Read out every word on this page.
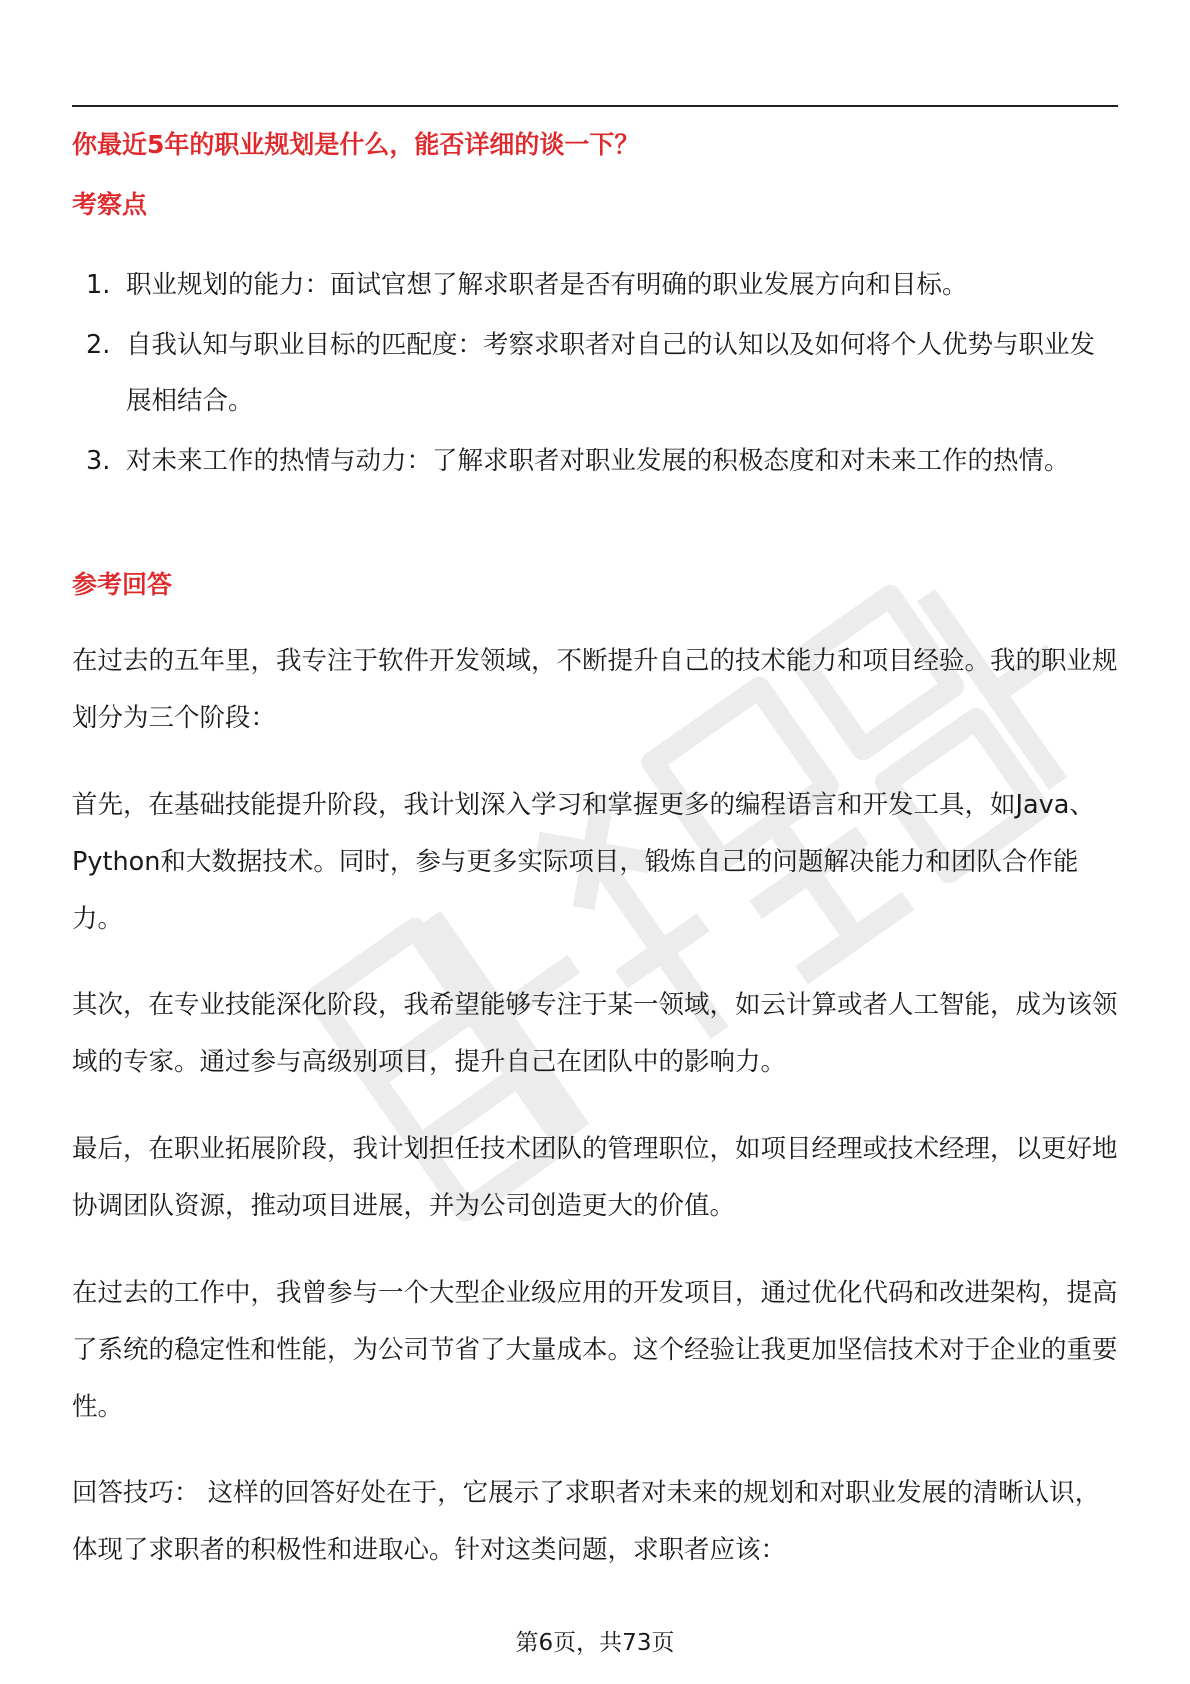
你最近5年的职业规划是什么，能否详细的谈一下？
考察点
1. 职业规划的能力：面试官想了解求职者是否有明确的职业发展方向和目标。
2. 自我认知与职业目标的匹配度：考察求职者对自己的认知以及如何将个人优势与职业发展相结合。
3. 对未来工作的热情与动力：了解求职者对职业发展的积极态度和对未来工作的热情。
参考回答

在过去的五年里，我专注于软件开发领域，不断提升自己的技术能力和项目经验。我的职业规划分为三个阶段：

首先，在基础技能提升阶段，我计划深入学习和掌握更多的编程语言和开发工具，如Java、Python和大数据技术。同时，参与更多实际项目，锻炼自己的问题解决能力和团队合作能力。

其次，在专业技能深化阶段，我希望能够专注于某一领域，如云计算或者人工智能，成为该领域的专家。通过参与高级别项目，提升自己在团队中的影响力。

最后，在职业拓展阶段，我计划担任技术团队的管理职位，如项目经理或技术经理，以更好地协调团队资源，推动项目进展，并为公司创造更大的价值。

在过去的工作中，我曾参与一个大型企业级应用的开发项目，通过优化代码和改进架构，提高了系统的稳定性和性能，为公司节省了大量成本。这个经验让我更加坚信技术对于企业的重要性。

回答技巧： 这样的回答好处在于，它展示了求职者对未来的规划和对职业发展的清晰认识，体现了求职者的积极性和进取心。针对这类问题，求职者应该：

第6页，共73页
